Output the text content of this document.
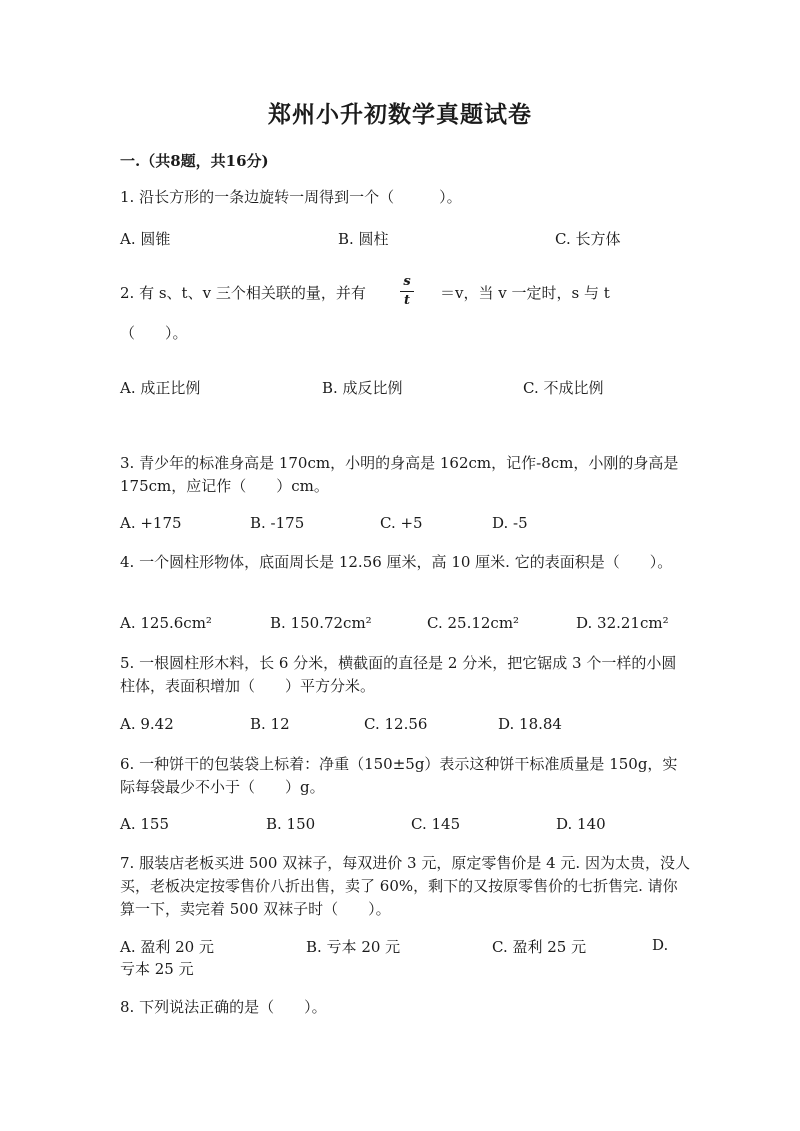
郑州小升初数学真题试卷
一.（共8题，共16分)
1. 沿长方形的一条边旋转一周得到一个（　　　）。
A. 圆锥	B. 圆柱	C. 长方体
2. 有 s、t、v 三个相关联的量，并有
s
t ＝v，当 v 一定时，s 与 t
（　　）。
A. 成正比例	B. 成反比例	C. 不成比例
3. 青少年的标准身高是 170cm，小明的身高是 162cm，记作-8cm，小刚的身高是 175cm，应记作（　　）cm。
A. +175	B. -175	C. +5	D. -5
4. 一个圆柱形物体，底面周长是 12.56 厘米，高 10 厘米. 它的表面积是（　　）。
A. 125.6cm²	B. 150.72cm²	C. 25.12cm²	D. 32.21cm²
5. 一根圆柱形木料，长 6 分米，横截面的直径是 2 分米，把它锯成 3 个一样的小圆柱体，表面积增加（　　）平方分米。
A. 9.42	B. 12	C. 12.56	D. 18.84
6. 一种饼干的包装袋上标着：净重（150±5g）表示这种饼干标准质量是 150g，实际每袋最少不小于（　　）g。
A. 155	B. 150	C. 145	D. 140
7. 服装店老板买进 500 双袜子，每双进价 3 元，原定零售价是 4 元. 因为太贵，没人买，老板决定按零售价八折出售，卖了 60%，剩下的又按原零售价的七折售完. 请你算一下，卖完着 500 双袜子时（　　）。
A. 盈利 20 元	B. 亏本 20 元	C. 盈利 25 元	D.
亏本 25 元
8. 下列说法正确的是（　　）。
